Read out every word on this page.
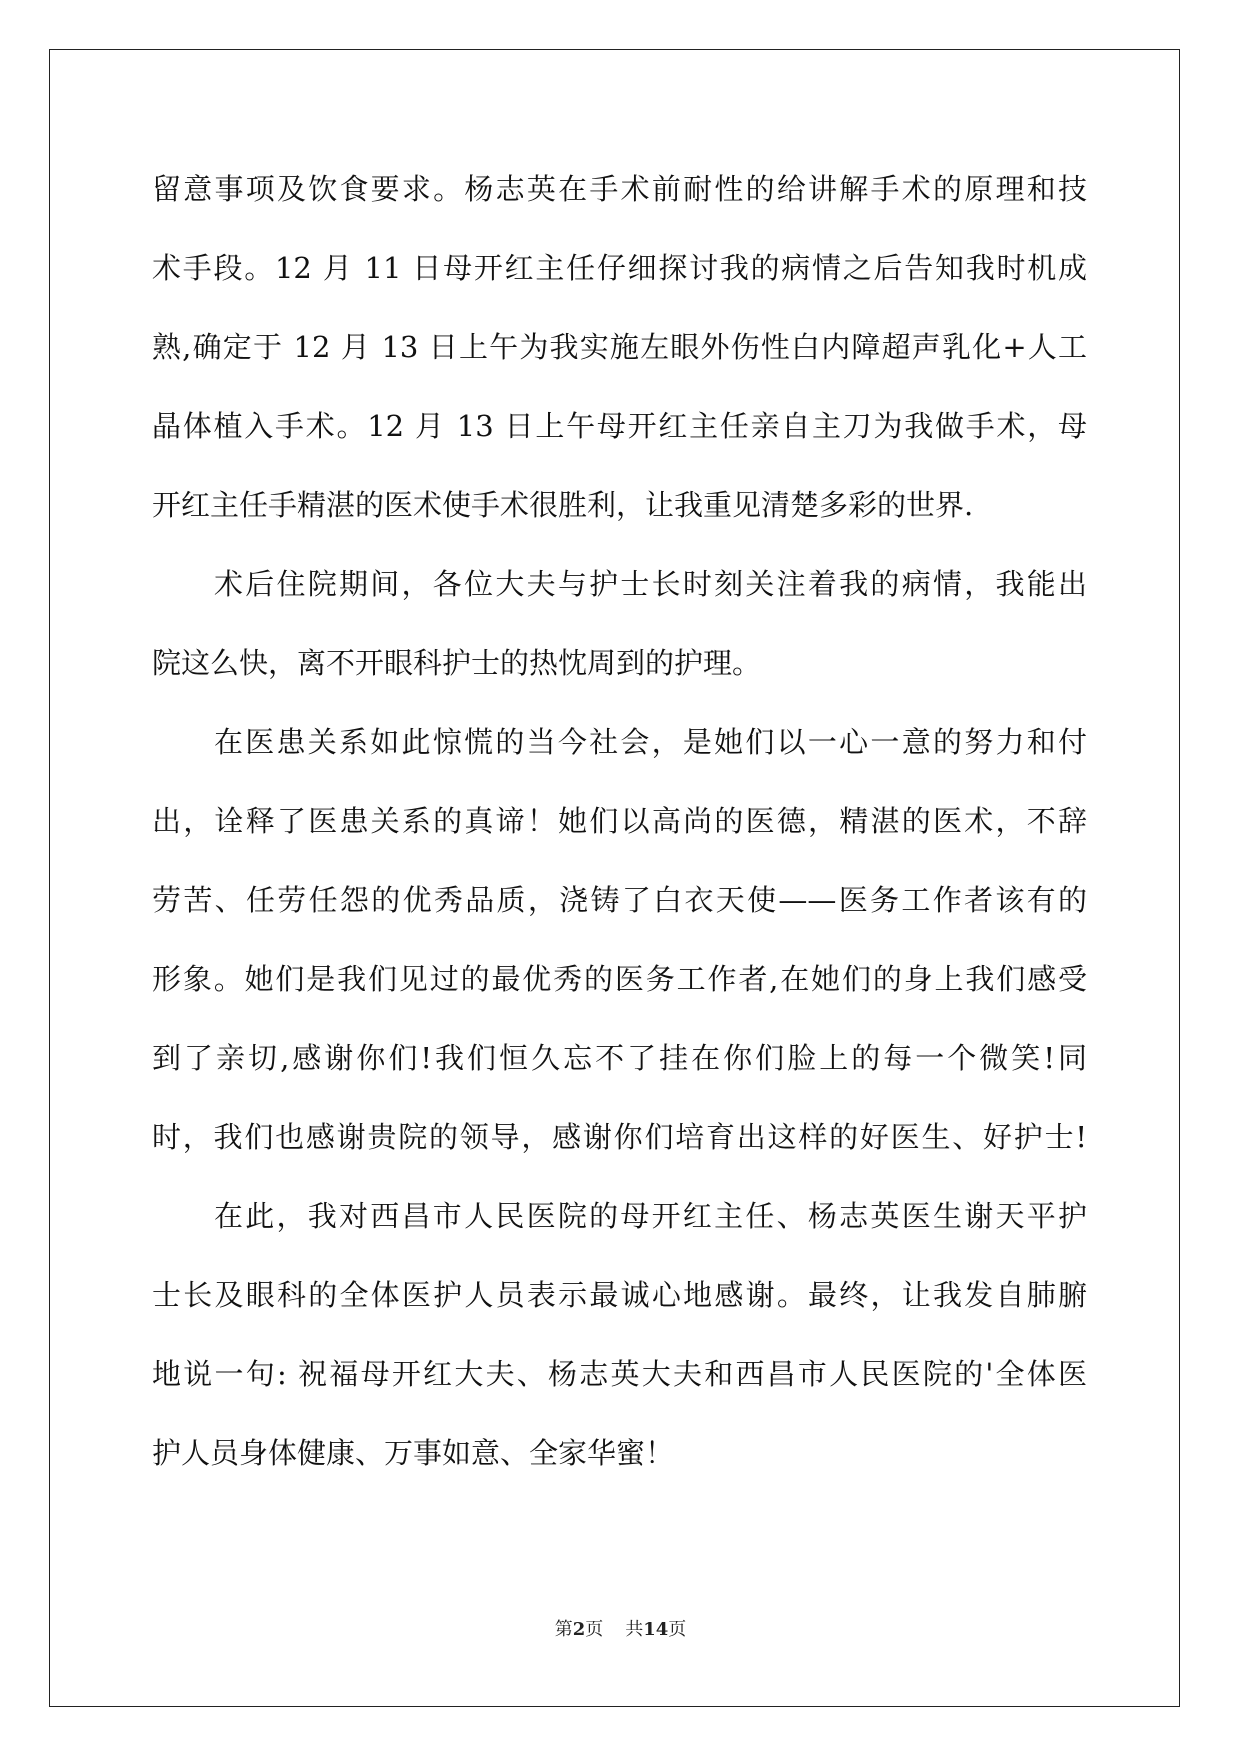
留意事项及饮食要求。杨志英在手术前耐性的给讲解手术的原理和技
术手段。12 月 11 日母开红主任仔细探讨我的病情之后告知我时机成
熟,确定于 12 月 13 日上午为我实施左眼外伤性白内障超声乳化+人工
晶体植入手术。12 月 13 日上午母开红主任亲自主刀为我做手术，母
开红主任手精湛的医术使手术很胜利，让我重见清楚多彩的世界.
术后住院期间，各位大夫与护士长时刻关注着我的病情，我能出
院这么快，离不开眼科护士的热忱周到的护理。
在医患关系如此惊慌的当今社会，是她们以一心一意的努力和付
出，诠释了医患关系的真谛！她们以高尚的医德，精湛的医术，不辞
劳苦、任劳任怨的优秀品质，浇铸了白衣天使——医务工作者该有的
形象。她们是我们见过的最优秀的医务工作者,在她们的身上我们感受
到了亲切,感谢你们!我们恒久忘不了挂在你们脸上的每一个微笑!同
时，我们也感谢贵院的领导，感谢你们培育出这样的好医生、好护士!
在此，我对西昌市人民医院的母开红主任、杨志英医生谢天平护
士长及眼科的全体医护人员表示最诚心地感谢。最终，让我发自肺腑
地说一句: 祝福母开红大夫、杨志英大夫和西昌市人民医院的'全体医
护人员身体健康、万事如意、全家华蜜！
第2页 共14页
